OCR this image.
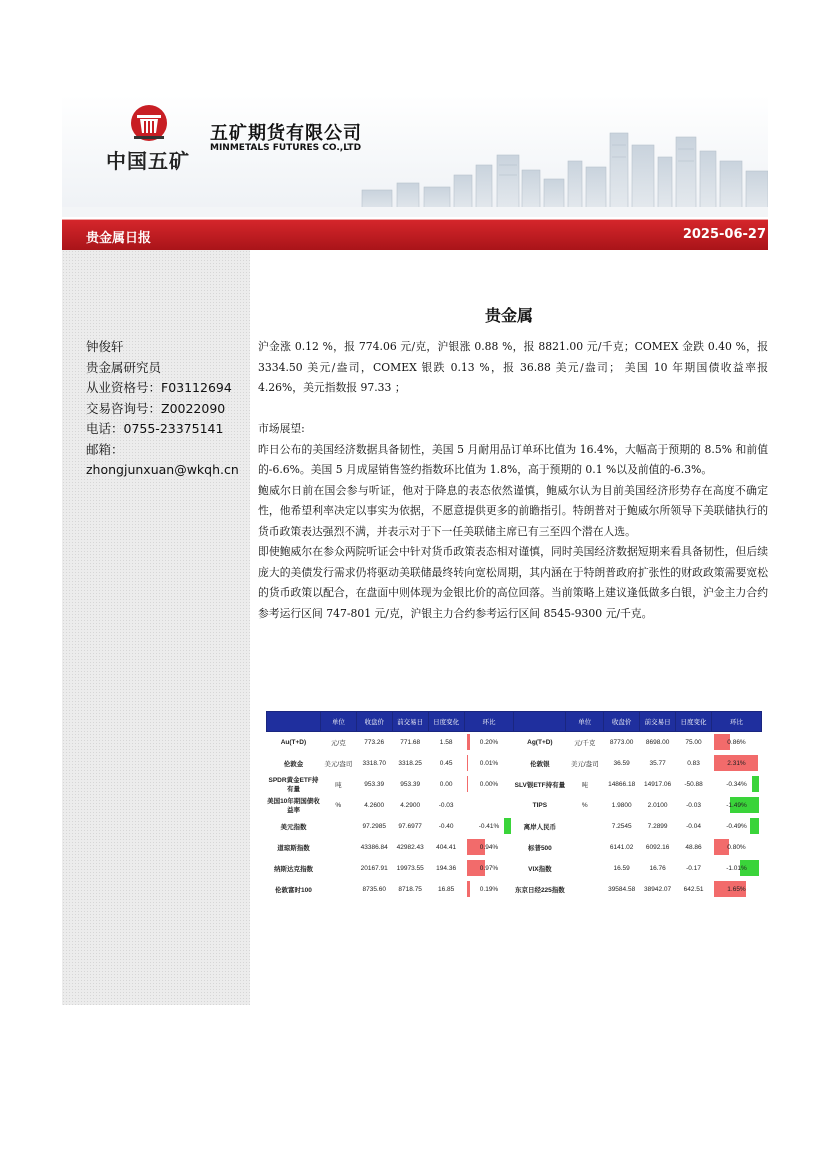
中国五矿
五矿期货有限公司
MINMETALS FUTURES CO.,LTD
贵金属日报	2025-06-27
钟俊轩
贵金属研究员
从业资格号：F03112694
交易咨询号：Z0022090
电话：0755-23375141
邮箱：
zhongjunxuan@wkqh.cn
贵金属

沪金涨 0.12 %，报 774.06 元/克，沪银涨 0.88 %，报 8821.00 元/千克；COMEX 金跌 0.40 %，报 3334.50 美元/盎司，COMEX 银跌 0.13 %，报 36.88 美元/盎司； 美国 10 年期国债收益率报 4.26%，美元指数报 97.33 ；

市场展望:

昨日公布的美国经济数据具备韧性，美国 5 月耐用品订单环比值为 16.4%，大幅高于预期的 8.5% 和前值的-6.6%。美国 5 月成屋销售签约指数环比值为 1.8%，高于预期的 0.1 %以及前值的-6.3%。

鲍威尔日前在国会参与听证，他对于降息的表态依然谨慎，鲍威尔认为目前美国经济形势存在高度不确定性，他希望利率决定以事实为依据，不愿意提供更多的前瞻指引。特朗普对于鲍威尔所领导下美联储执行的货币政策表达强烈不满，并表示对于下一任美联储主席已有三至四个潜在人选。

即使鲍威尔在参众两院听证会中针对货币政策表态相对谨慎，同时美国经济数据短期来看具备韧性，但后续庞大的美债发行需求仍将驱动美联储最终转向宽松周期，其内涵在于特朗普政府扩张性的财政政策需要宽松的货币政策以配合，在盘面中则体现为金银比价的高位回落。当前策略上建议逢低做多白银，沪金主力合约参考运行区间 747-801 元/克，沪银主力合约参考运行区间 8545-9300 元/千克。

	单位	收盘价	前交易日	日度变化	环比		单位	收盘价	前交易日	日度变化	环比
Au(T+D)	元/克	773.26	771.68	1.58	0.20%	Ag(T+D)	元/千克	8773.00	8698.00	75.00	0.86%
伦敦金	美元/盎司	3318.70	3318.25	0.45	0.01%	伦敦银	美元/盎司	36.59	35.77	0.83	2.31%
SPDR黄金ETF持有量	吨	953.39	953.39	0.00	0.00%	SLV银ETF持有量	吨	14866.18	14917.06	-50.88	-0.34%
美国10年期国债收益率	%	4.2600	4.2900	-0.03		TIPS	%	1.9800	2.0100	-0.03	-1.49%
美元指数		97.2985	97.6977	-0.40	-0.41%	离岸人民币		7.2545	7.2899	-0.04	-0.49%
道琼斯指数		43386.84	42982.43	404.41	0.94%	标普500		6141.02	6092.16	48.86	0.80%
纳斯达克指数		20167.91	19973.55	194.36	0.97%	VIX指数		16.59	16.76	-0.17	-1.01%
伦敦富时100		8735.60	8718.75	16.85	0.19%	东京日经225指数		39584.58	38942.07	642.51	1.65%
